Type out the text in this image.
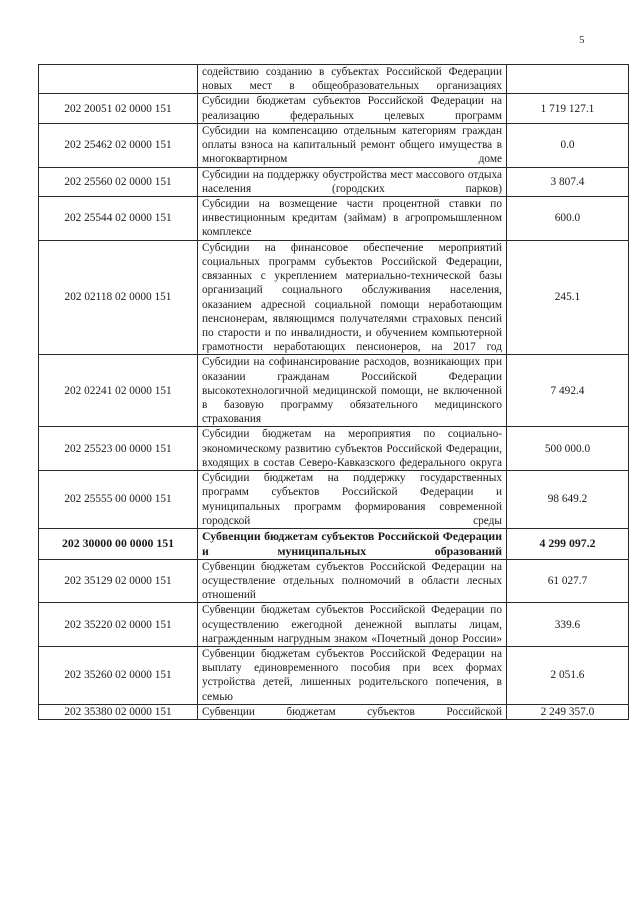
5
	содействию созданию в субъектах Российской Федерации новых мест в общеобразовательных организациях	
202 20051 02 0000 151	Субсидии бюджетам субъектов Российской Федерации на реализацию федеральных целевых программ	1 719 127.1
202 25462 02 0000 151	Субсидии на компенсацию отдельным категориям граждан оплаты взноса на капитальный ремонт общего имущества в многоквартирном доме	0.0
202 25560 02 0000 151	Субсидии на поддержку обустройства мест массового отдыха населения (городских парков)	3 807.4
202 25544 02 0000 151	Субсидии на возмещение части процентной ставки по инвестиционным кредитам (займам) в агропромышленном комплексе	600.0
202 02118 02 0000 151	Субсидии на финансовое обеспечение мероприятий социальных программ субъектов Российской Федерации, связанных с укреплением материально-технической базы организаций социального обслуживания населения, оказанием адресной социальной помощи неработающим пенсионерам, являющимся получателями страховых пенсий по старости и по инвалидности, и обучением компьютерной грамотности неработающих пенсионеров, на 2017 год	245.1
202 02241 02 0000 151	Субсидии на софинансирование расходов, возникающих при оказании гражданам Российской Федерации высокотехнологичной медицинской помощи, не включенной в базовую программу обязательного медицинского страхования	7 492.4
202 25523 00 0000 151	Субсидии бюджетам на мероприятия по социально-экономическому развитию субъектов Российской Федерации, входящих в состав Северо-Кавказского федерального округа	500 000.0
202 25555 00 0000 151	Субсидии бюджетам на поддержку государственных программ субъектов Российской Федерации и муниципальных программ формирования современной городской среды	98 649.2
202 30000 00 0000 151	Субвенции бюджетам субъектов Российской Федерации и муниципальных образований	4 299 097.2
202 35129 02 0000 151	Субвенции бюджетам субъектов Российской Федерации на осуществление отдельных полномочий в области лесных отношений	61 027.7
202 35220 02 0000 151	Субвенции бюджетам субъектов Российской Федерации по осуществлению ежегодной денежной выплаты лицам, награжденным нагрудным знаком «Почетный донор России»	339.6
202 35260 02 0000 151	Субвенции бюджетам субъектов Российской Федерации на выплату единовременного пособия при всех формах устройства детей, лишенных родительского попечения, в семью	2 051.6
202 35380 02 0000 151	Субвенции бюджетам субъектов Российской	2 249 357.0
